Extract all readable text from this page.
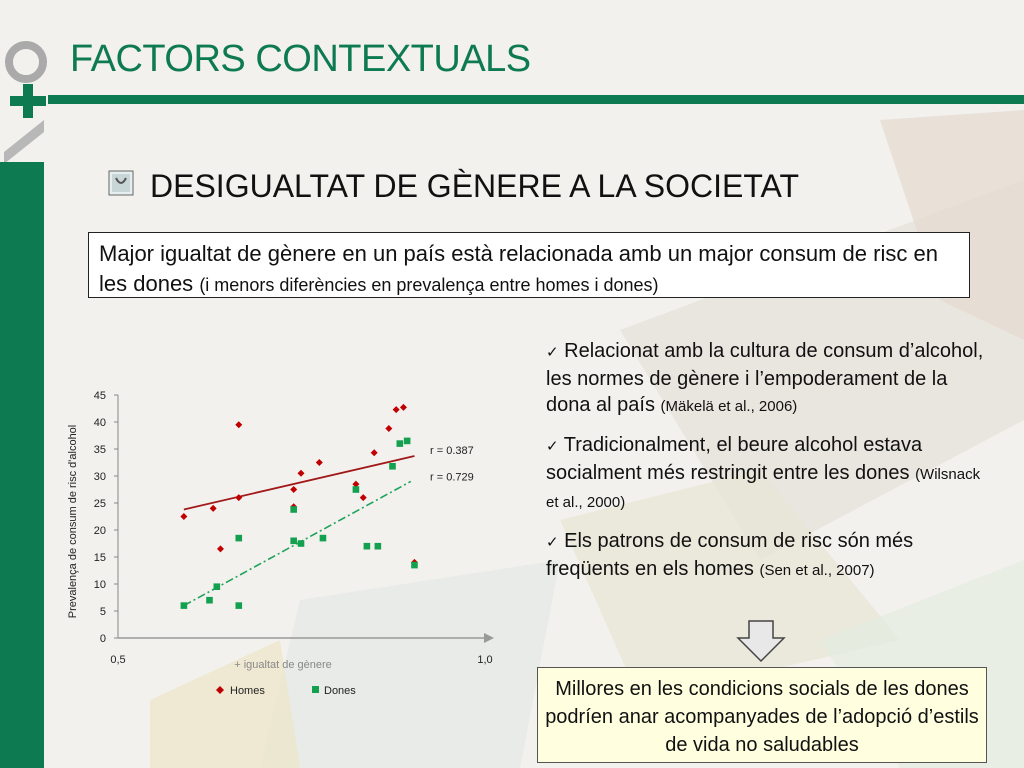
FACTORS CONTEXTUALS
DESIGUALTAT DE GÈNERE A LA SOCIETAT
Major igualtat de gènere en un país està relacionada amb un major consum de risc en les dones (i menors diferències en prevalença entre homes i dones)
0
5
10
15
20
25
30
35
40
45
0,5	1,0
+ igualtat de gènere
Prevalença de consum de risc d'alcohol	r = 0.387
r = 0.729
Homes	Dones
✓ Relacionat amb la cultura de consum d’alcohol, les normes de gènere i l’empoderament de la dona al país (Mäkelä et al., 2006)
✓ Tradicionalment, el beure alcohol estava socialment més restringit entre les dones (Wilsnack et al., 2000)
✓ Els patrons de consum de risc són més freqüents en els homes (Sen et al., 2007)
Millores en les condicions socials de les dones podríen anar acompanyades de l’adopció d’estils de vida no saludables
